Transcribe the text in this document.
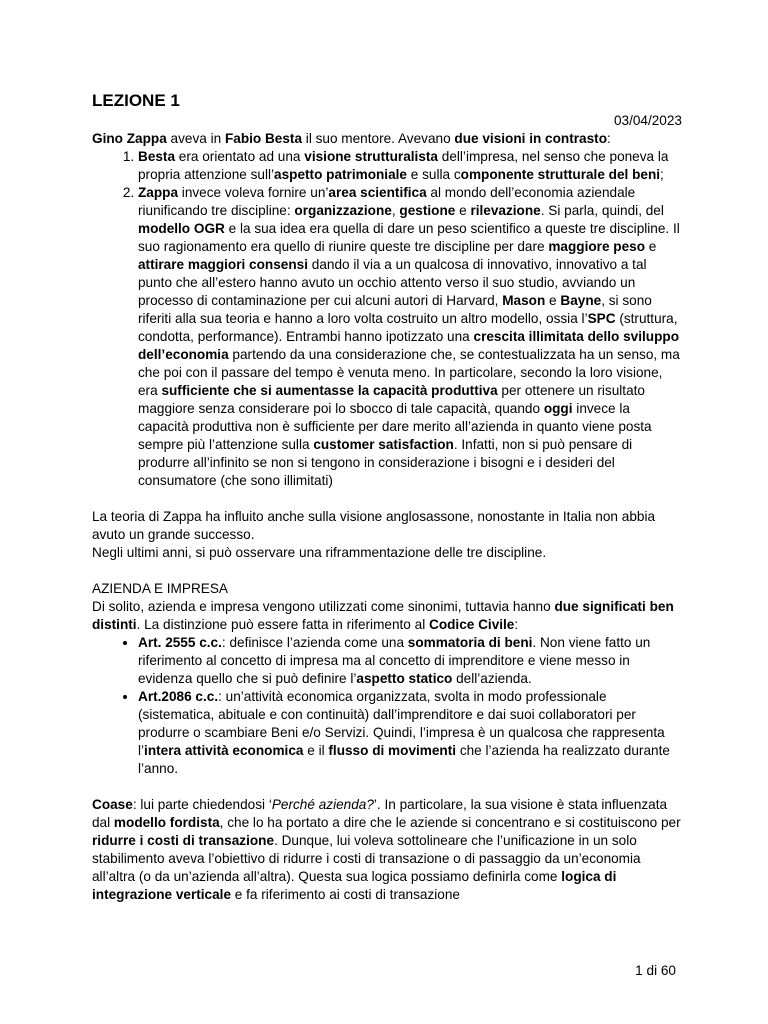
LEZIONE 1
03/04/2023

Gino Zappa aveva in Fabio Besta il suo mentore. Avevano due visioni in contrasto:

1. Besta era orientato ad una visione strutturalista dell’impresa, nel senso che poneva la propria attenzione sull’aspetto patrimoniale e sulla componente strutturale del beni;
2. Zappa invece voleva fornire un’area scientifica al mondo dell’economia aziendale riunificando tre discipline: organizzazione, gestione e rilevazione. Si parla, quindi, del modello OGR e la sua idea era quella di dare un peso scientifico a queste tre discipline. Il suo ragionamento era quello di riunire queste tre discipline per dare maggiore peso e attirare maggiori consensi dando il via a un qualcosa di innovativo, innovativo a tal punto che all’estero hanno avuto un occhio attento verso il suo studio, avviando un processo di contaminazione per cui alcuni autori di Harvard, Mason e Bayne, si sono riferiti alla sua teoria e hanno a loro volta costruito un altro modello, ossia l’SPC (struttura, condotta, performance). Entrambi hanno ipotizzato una crescita illimitata dello sviluppo dell’economia partendo da una considerazione che, se contestualizzata ha un senso, ma che poi con il passare del tempo è venuta meno. In particolare, secondo la loro visione, era sufficiente che si aumentasse la capacità produttiva per ottenere un risultato maggiore senza considerare poi lo sbocco di tale capacità, quando oggi invece la capacità produttiva non è sufficiente per dare merito all’azienda in quanto viene posta sempre più l’attenzione sulla customer satisfaction. Infatti, non si può pensare di produrre all’infinito se non si tengono in considerazione i bisogni e i desideri del consumatore (che sono illimitati)

La teoria di Zappa ha influito anche sulla visione anglosassone, nonostante in Italia non abbia avuto un grande successo.

Negli ultimi anni, si può osservare una riframmentazione delle tre discipline.

AZIENDA E IMPRESA

Di solito, azienda e impresa vengono utilizzati come sinonimi, tuttavia hanno due significati ben distinti. La distinzione può essere fatta in riferimento al Codice Civile:

• Art. 2555 c.c.: definisce l’azienda come una sommatoria di beni. Non viene fatto un riferimento al concetto di impresa ma al concetto di imprenditore e viene messo in evidenza quello che si può definire l’aspetto statico dell’azienda.
• Art.2086 c.c.: un’attività economica organizzata, svolta in modo professionale (sistematica, abituale e con continuità) dall’imprenditore e dai suoi collaboratori per produrre o scambiare Beni e/o Servizi. Quindi, l’impresa è un qualcosa che rappresenta l’intera attività economica e il flusso di movimenti che l’azienda ha realizzato durante l’anno.

Coase: lui parte chiedendosi ‘Perché azienda?’. In particolare, la sua visione è stata influenzata dal modello fordista, che lo ha portato a dire che le aziende si concentrano e si costituiscono per ridurre i costi di transazione. Dunque, lui voleva sottolineare che l’unificazione in un solo stabilimento aveva l’obiettivo di ridurre i costi di transazione o di passaggio da un’economia all’altra (o da un’azienda all’altra). Questa sua logica possiamo definirla come logica di integrazione verticale e fa riferimento ai costi di transazione

1 di 60
